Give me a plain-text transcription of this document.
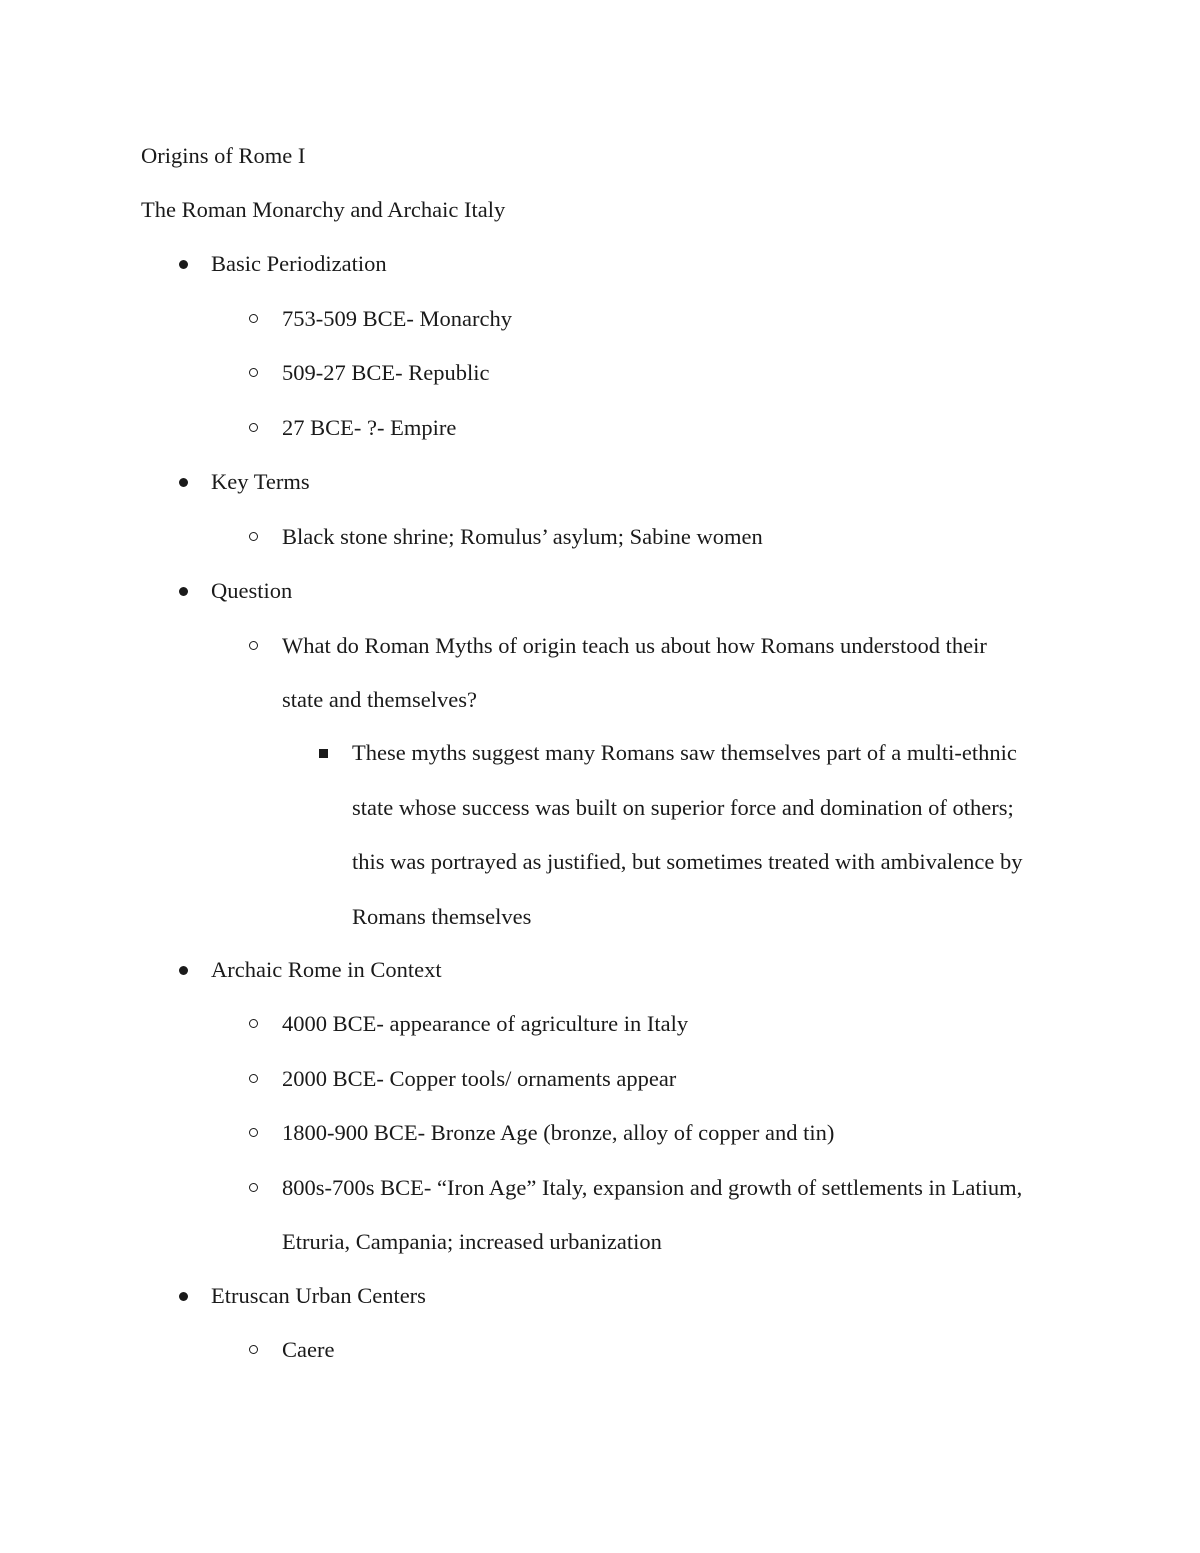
Origins of Rome I

The Roman Monarchy and Archaic Italy

Basic Periodization

753-509 BCE- Monarchy

509-27 BCE- Republic

27 BCE- ?- Empire

Key Terms

Black stone shrine; Romulus’ asylum; Sabine women

Question

What do Roman Myths of origin teach us about how Romans understood their

state and themselves?

These myths suggest many Romans saw themselves part of a multi-ethnic

state whose success was built on superior force and domination of others;

this was portrayed as justified, but sometimes treated with ambivalence by

Romans themselves

Archaic Rome in Context

4000 BCE- appearance of agriculture in Italy

2000 BCE- Copper tools/ ornaments appear

1800-900 BCE- Bronze Age (bronze, alloy of copper and tin)

800s-700s BCE- “Iron Age” Italy, expansion and growth of settlements in Latium,

Etruria, Campania; increased urbanization

Etruscan Urban Centers

Caere
